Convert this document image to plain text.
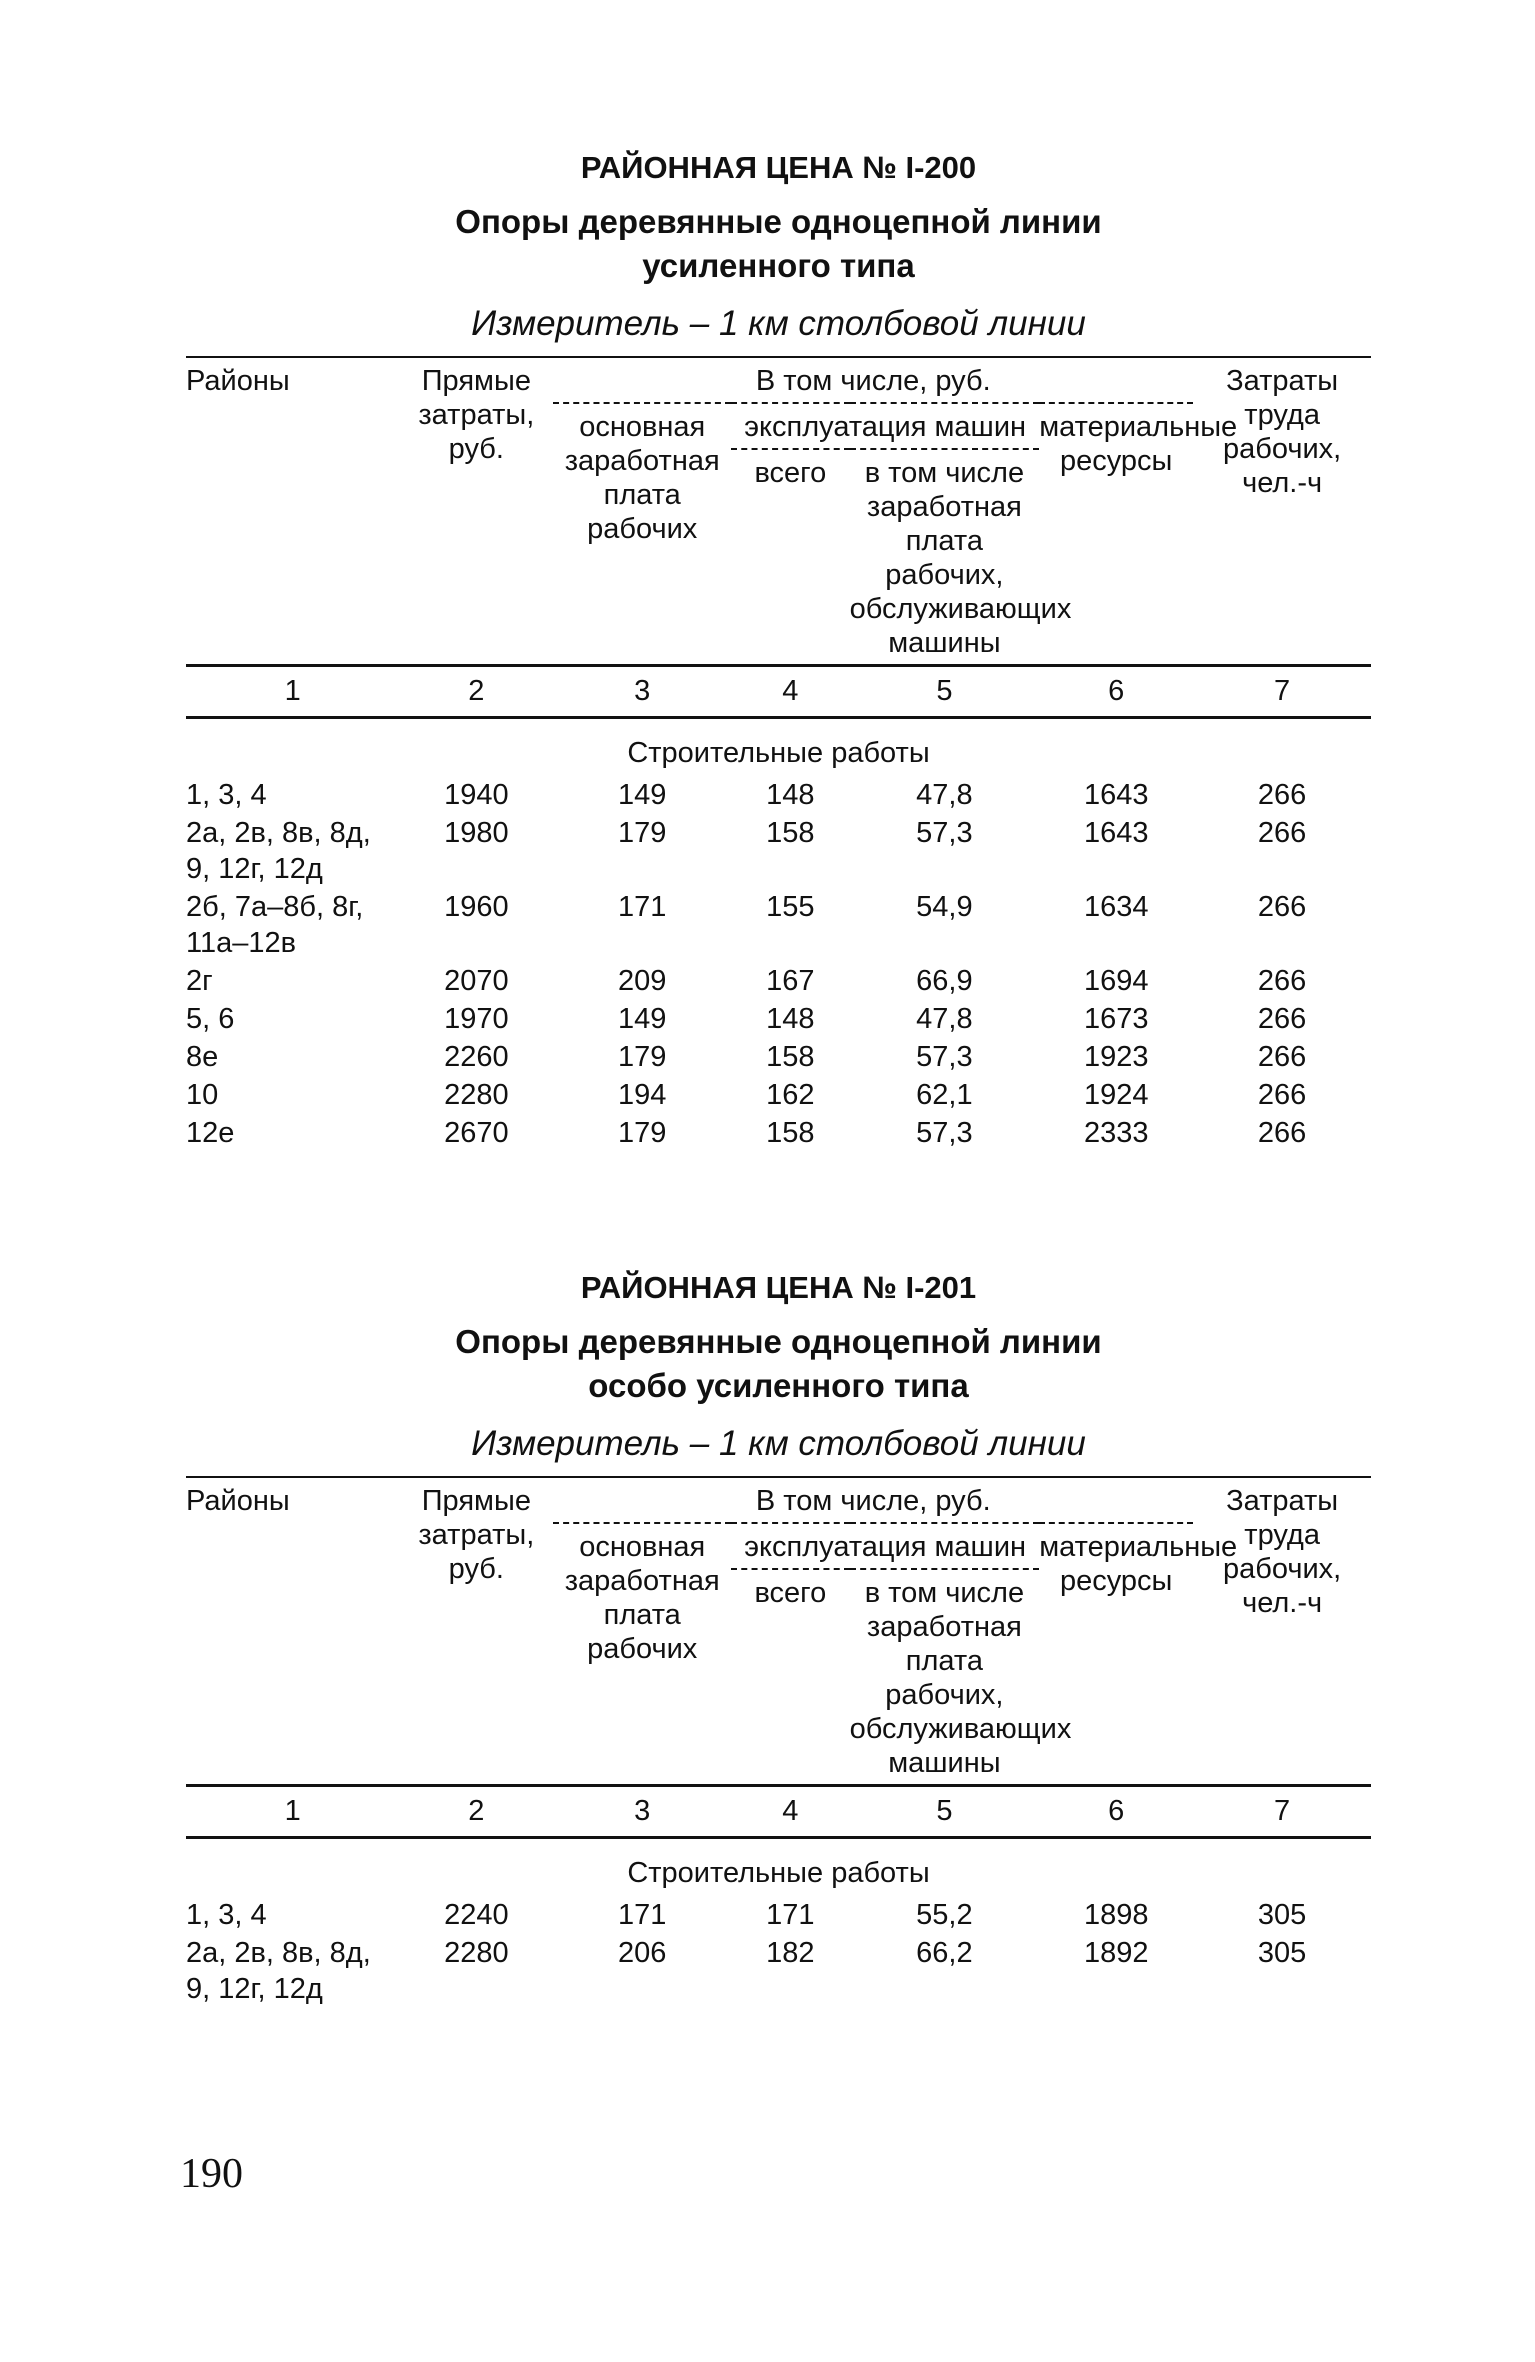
РАЙОННАЯ ЦЕНА № I-200

Опоры деревянные одноцепной линии
усиленного типа

Измеритель – 1 км столбовой линии

Районы	Прямые затраты, руб.	В том числе, руб.				Затраты труда рабочих, чел.-ч
		основная заработная плата рабочих	эксплуатация машин		материальные ресурсы	
			всего	в том числе заработная плата рабочих, обслуживающих машины		
1	2	3	4	5	6	7
Строительные работы						
1, 3, 4	1940	149	148	47,8	1643	266
2а, 2в, 8в, 8д, 9, 12г, 12д	1980	179	158	57,3	1643	266
2б, 7а–8б, 8г, 11а–12в	1960	171	155	54,9	1634	266
2г	2070	209	167	66,9	1694	266
5, 6	1970	149	148	47,8	1673	266
8е	2260	179	158	57,3	1923	266
10	2280	194	162	62,1	1924	266
12е	2670	179	158	57,3	2333	266

РАЙОННАЯ ЦЕНА № I-201

Опоры деревянные одноцепной линии
особо усиленного типа

Измеритель – 1 км столбовой линии

Районы	Прямые затраты, руб.	В том числе, руб.				Затраты труда рабочих, чел.-ч
		основная заработная плата рабочих	эксплуатация машин		материальные ресурсы	
			всего	в том числе заработная плата рабочих, обслуживающих машины		
1	2	3	4	5	6	7
Строительные работы						
1, 3, 4	2240	171	171	55,2	1898	305
2а, 2в, 8в, 8д, 9, 12г, 12д	2280	206	182	66,2	1892	305
190
